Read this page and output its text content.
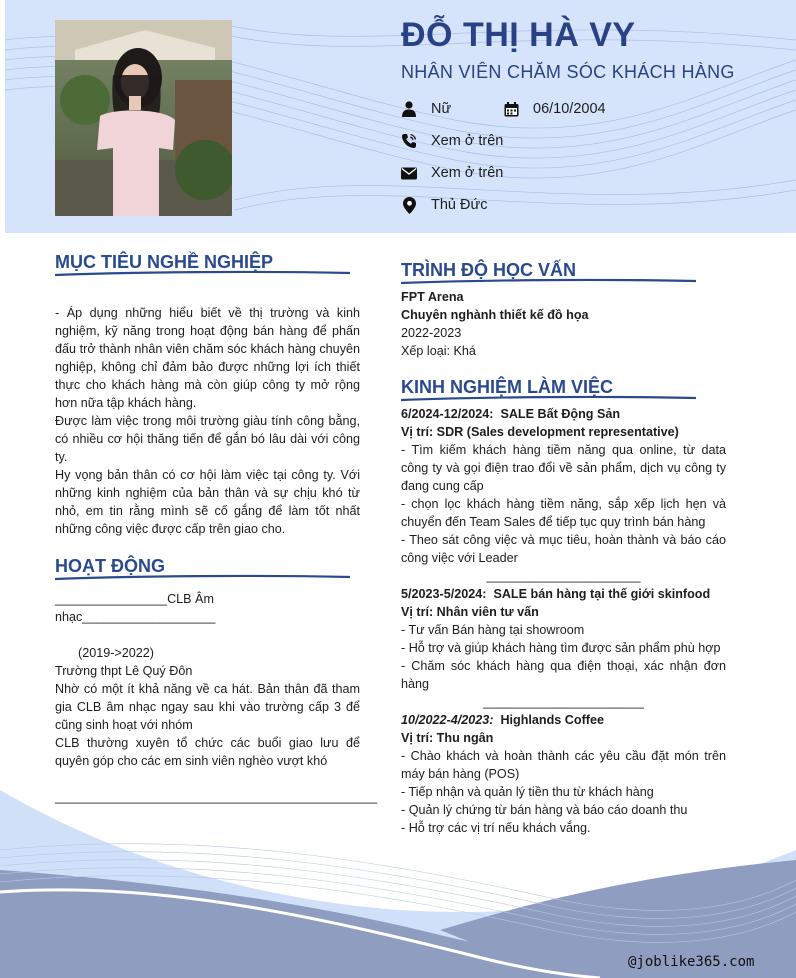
ĐỖ THỊ HÀ VY
NHÂN VIÊN CHĂM SÓC KHÁCH HÀNG
Nữ	06/10/2004
Xem ở trên
Xem ở trên
Thủ Đức
MỤC TIÊU NGHỀ NGHIỆP

- Áp dụng những hiểu biết về thị trường và kinh nghiệm, kỹ năng trong hoạt động bán hàng để phấn đấu trở thành nhân viên chăm sóc khách hàng chuyên nghiệp, không chỉ đảm bảo được những lợi ích thiết thực cho khách hàng mà còn giúp công ty mở rộng hơn nữa tập khách hàng.

Được làm việc trong môi trường giàu tính công bằng, có nhiều cơ hội thăng tiến để gắn bó lâu dài với công ty.

Hy vọng bản thân có cơ hội làm việc tại công ty. Với những kinh nghiệm của bản thân và sự chịu khó từ nhỏ, em tin rằng mình sẽ cố gắng để làm tốt nhất những công việc được cấp trên giao cho.

HOẠT ĐỘNG

________________CLB Âm nhạc___________________

(2019->2022)

Trường thpt Lê Quý Đôn

Nhờ có một ít khả năng về ca hát. Bản thân đã tham gia CLB âm nhạc ngay sau khi vào trường cấp 3 để cũng sinh hoạt với nhóm

CLB thường xuyên tổ chức các buổi giao lưu để quyên góp cho các em sinh viên nghèo vượt khó

______________________________________________

TRÌNH ĐỘ HỌC VẤN

FPT Arena

Chuyên nghành thiết kế đồ họa

2022-2023

Xếp loại: Khá

KINH NGHIỆM LÀM VIỆC

6/2024-12/2024: SALE Bất Động Sản

Vị trí: SDR (Sales development representative)

- Tìm kiếm khách hàng tiềm năng qua online, từ data công ty và gọi điện trao đổi về sản phẩm, dịch vụ công ty đang cung cấp

- chọn lọc khách hàng tiềm năng, sắp xếp lịch hẹn và chuyển đến Team Sales để tiếp tục quy trình bán hàng

- Theo sát công việc và mục tiêu, hoàn thành và báo cáo công việc với Leader

______________________

5/2023-5/2024: SALE bán hàng tại thế giới skinfood

Vị trí: Nhân viên tư vấn

- Tư vấn Bán hàng tại showroom

- Hỗ trợ và giúp khách hàng tìm được sản phẩm phù hợp

- Chăm sóc khách hàng qua điện thoại, xác nhận đơn hàng

_______________________

10/2022-4/2023: Highlands Coffee

Vị trí: Thu ngân

- Chào khách và hoàn thành các yêu cầu đặt món trên máy bán hàng (POS)

- Tiếp nhận và quản lý tiền thu từ khách hàng

- Quản lý chứng từ bán hàng và báo cáo doanh thu

- Hỗ trợ các vị trí nếu khách vắng.

@joblike365.com
